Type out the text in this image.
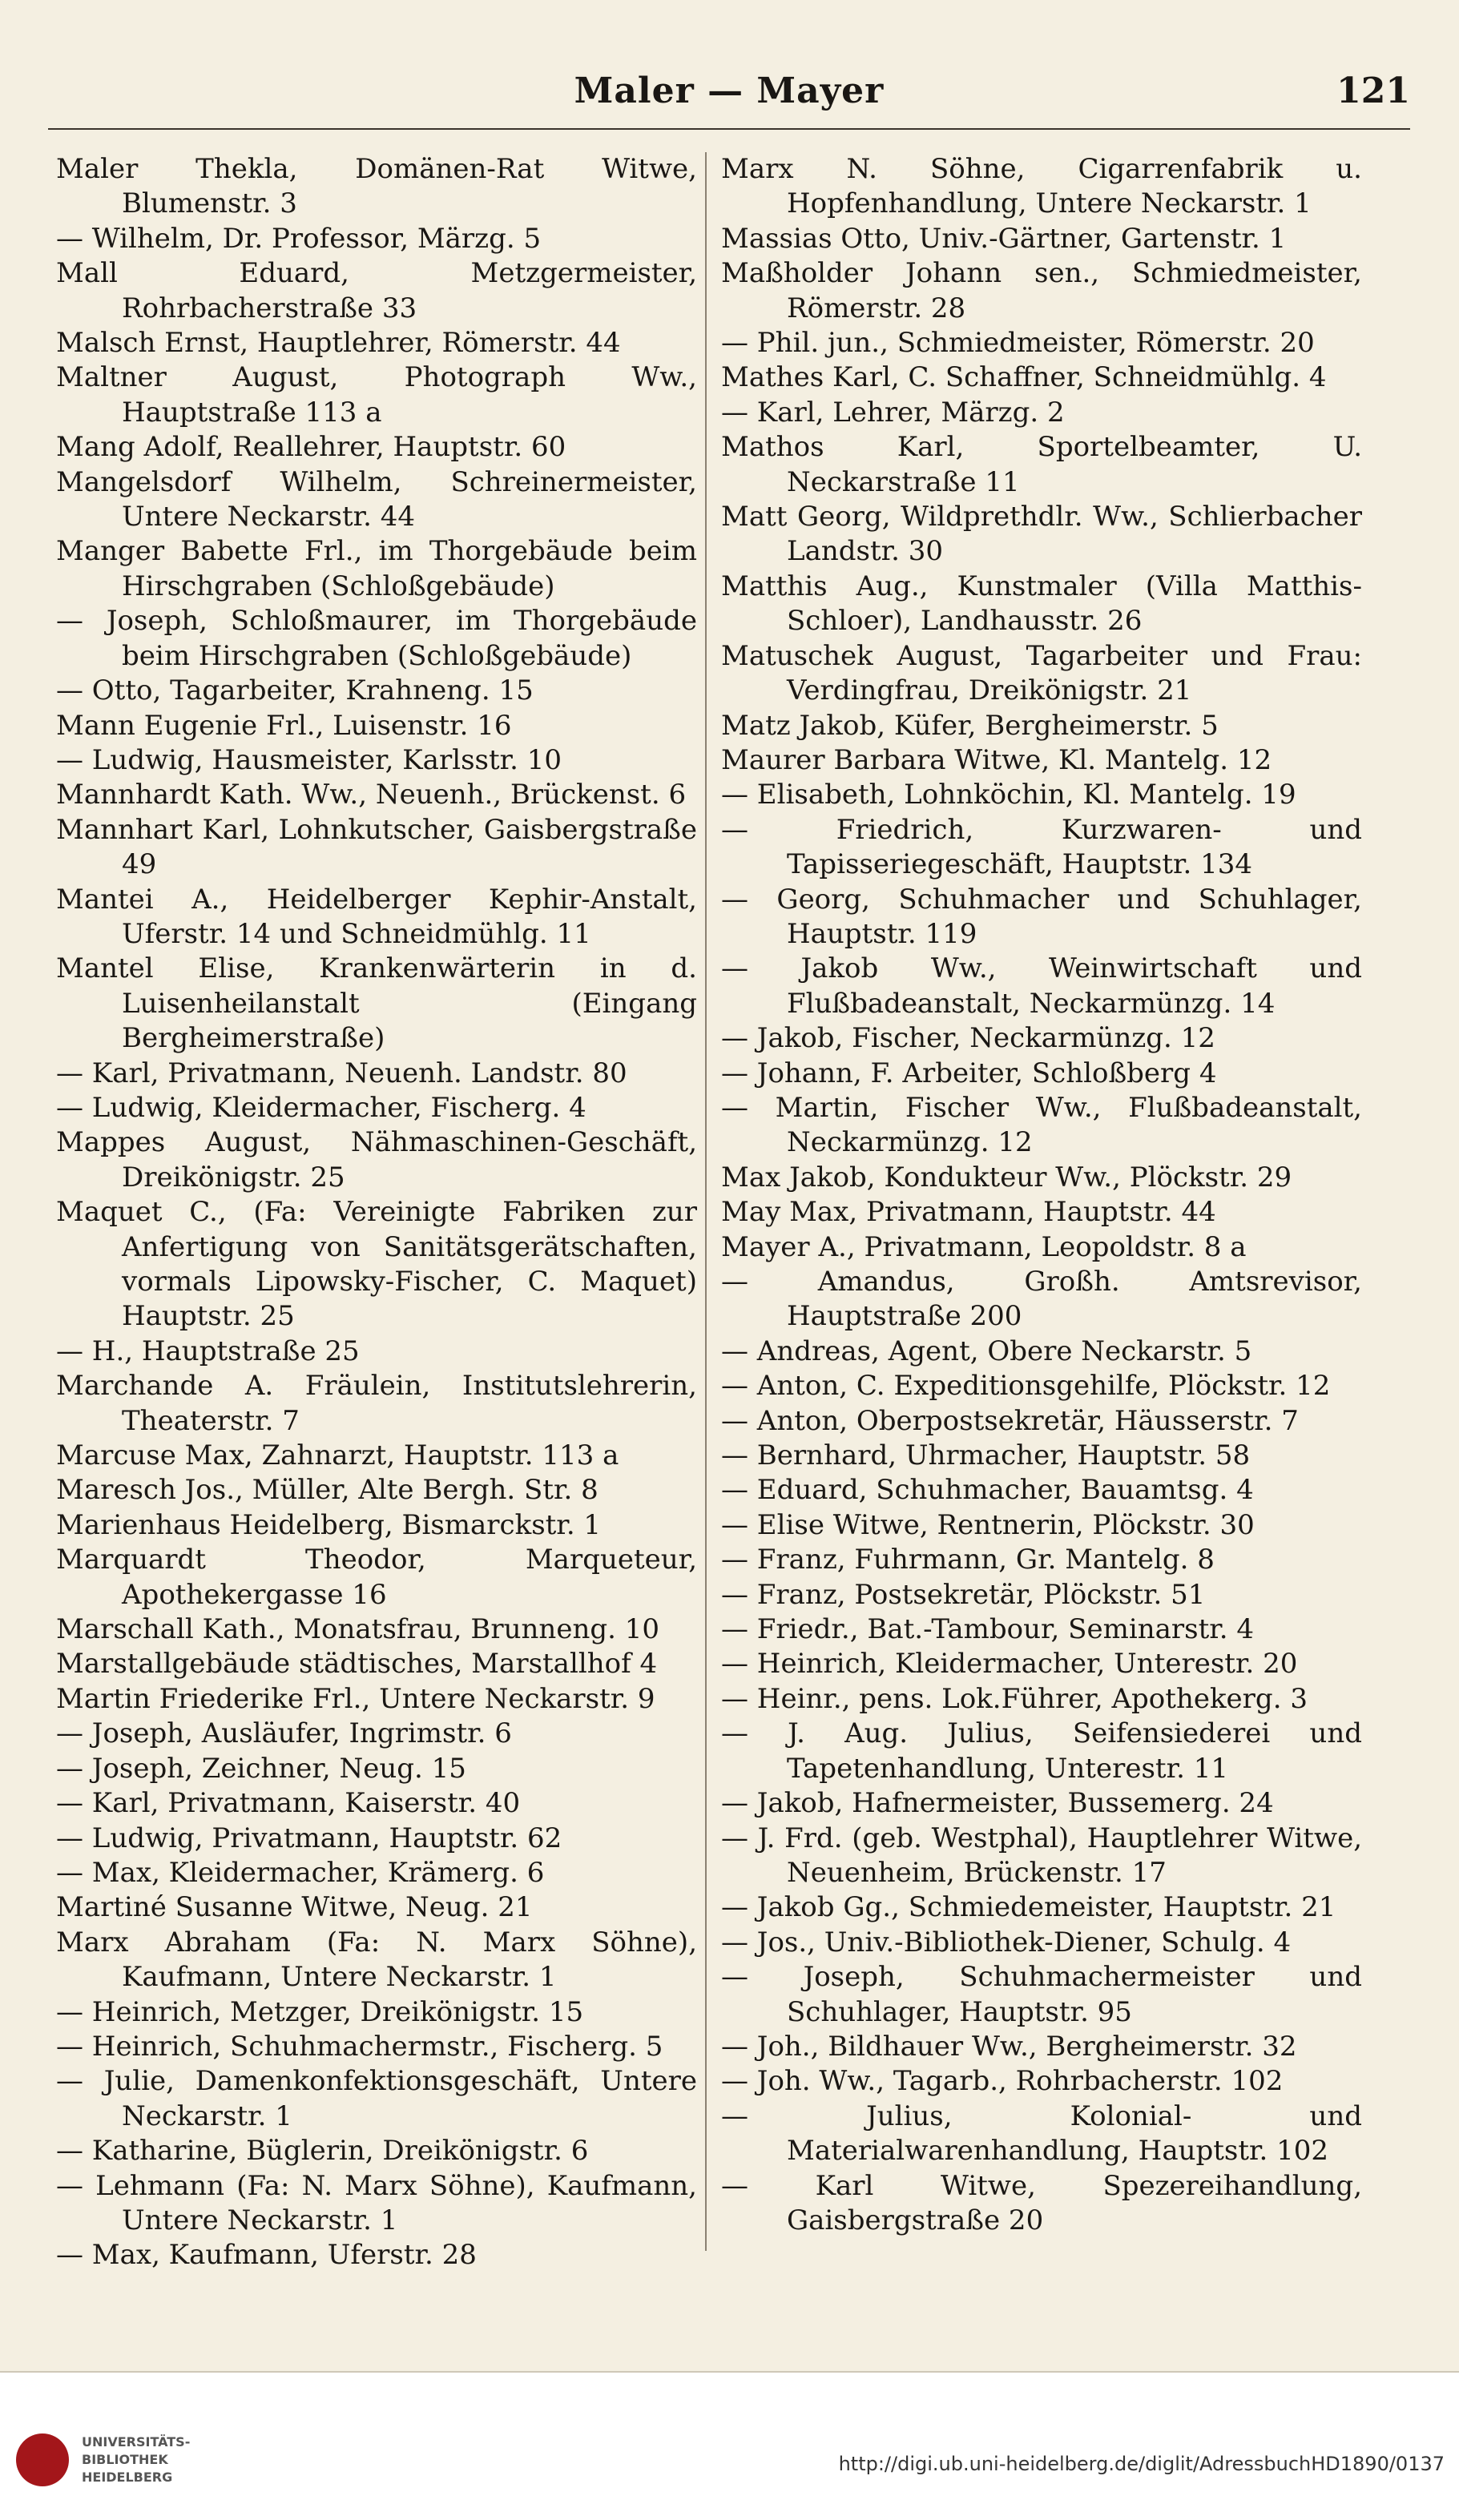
Maler — Mayer	121
Maler Thekla, Domänen-Rat Witwe, Blumenstr. 3
— Wilhelm, Dr. Professor, Märzg. 5
Mall Eduard, Metzgermeister, Rohrbacherstraße 33
Malsch Ernst, Hauptlehrer, Römerstr. 44
Maltner August, Photograph Ww., Hauptstraße 113 a
Mang Adolf, Reallehrer, Hauptstr. 60
Mangelsdorf Wilhelm, Schreinermeister, Untere Neckarstr. 44
Manger Babette Frl., im Thorgebäude beim Hirschgraben (Schloßgebäude)
— Joseph, Schloßmaurer, im Thorgebäude beim Hirschgraben (Schloßgebäude)
— Otto, Tagarbeiter, Krahneng. 15
Mann Eugenie Frl., Luisenstr. 16
— Ludwig, Hausmeister, Karlsstr. 10
Mannhardt Kath. Ww., Neuenh., Brückenst. 6
Mannhart Karl, Lohnkutscher, Gaisbergstraße 49
Mantei A., Heidelberger Kephir-Anstalt, Uferstr. 14 und Schneidmühlg. 11
Mantel Elise, Krankenwärterin in d. Luisenheilanstalt (Eingang Bergheimerstraße)
— Karl, Privatmann, Neuenh. Landstr. 80
— Ludwig, Kleidermacher, Fischerg. 4
Mappes August, Nähmaschinen-Geschäft, Dreikönigstr. 25
Maquet C., (Fa: Vereinigte Fabriken zur Anfertigung von Sanitätsgerätschaften, vormals Lipowsky-Fischer, C. Maquet) Hauptstr. 25
— H., Hauptstraße 25
Marchande A. Fräulein, Institutslehrerin, Theaterstr. 7
Marcuse Max, Zahnarzt, Hauptstr. 113 a
Maresch Jos., Müller, Alte Bergh. Str. 8
Marienhaus Heidelberg, Bismarckstr. 1
Marquardt Theodor, Marqueteur, Apothekergasse 16
Marschall Kath., Monatsfrau, Brunneng. 10
Marstallgebäude städtisches, Marstallhof 4
Martin Friederike Frl., Untere Neckarstr. 9
— Joseph, Ausläufer, Ingrimstr. 6
— Joseph, Zeichner, Neug. 15
— Karl, Privatmann, Kaiserstr. 40
— Ludwig, Privatmann, Hauptstr. 62
— Max, Kleidermacher, Krämerg. 6
Martiné Susanne Witwe, Neug. 21
Marx Abraham (Fa: N. Marx Söhne), Kaufmann, Untere Neckarstr. 1
— Heinrich, Metzger, Dreikönigstr. 15
— Heinrich, Schuhmachermstr., Fischerg. 5
— Julie, Damenkonfektionsgeschäft, Untere Neckarstr. 1
— Katharine, Büglerin, Dreikönigstr. 6
— Lehmann (Fa: N. Marx Söhne), Kaufmann, Untere Neckarstr. 1
— Max, Kaufmann, Uferstr. 28
Marx N. Söhne, Cigarrenfabrik u. Hopfenhandlung, Untere Neckarstr. 1
Massias Otto, Univ.-Gärtner, Gartenstr. 1
Maßholder Johann sen., Schmiedmeister, Römerstr. 28
— Phil. jun., Schmiedmeister, Römerstr. 20
Mathes Karl, C. Schaffner, Schneidmühlg. 4
— Karl, Lehrer, Märzg. 2
Mathos Karl, Sportelbeamter, U. Neckarstraße 11
Matt Georg, Wildprethdlr. Ww., Schlierbacher Landstr. 30
Matthis Aug., Kunstmaler (Villa Matthis-Schloer), Landhausstr. 26
Matuschek August, Tagarbeiter und Frau: Verdingfrau, Dreikönigstr. 21
Matz Jakob, Küfer, Bergheimerstr. 5
Maurer Barbara Witwe, Kl. Mantelg. 12
— Elisabeth, Lohnköchin, Kl. Mantelg. 19
— Friedrich, Kurzwaren- und Tapisseriegeschäft, Hauptstr. 134
— Georg, Schuhmacher und Schuhlager, Hauptstr. 119
— Jakob Ww., Weinwirtschaft und Flußbadeanstalt, Neckarmünzg. 14
— Jakob, Fischer, Neckarmünzg. 12
— Johann, F. Arbeiter, Schloßberg 4
— Martin, Fischer Ww., Flußbadeanstalt, Neckarmünzg. 12
Max Jakob, Kondukteur Ww., Plöckstr. 29
May Max, Privatmann, Hauptstr. 44
Mayer A., Privatmann, Leopoldstr. 8 a
— Amandus, Großh. Amtsrevisor, Hauptstraße 200
— Andreas, Agent, Obere Neckarstr. 5
— Anton, C. Expeditionsgehilfe, Plöckstr. 12
— Anton, Oberpostsekretär, Häusserstr. 7
— Bernhard, Uhrmacher, Hauptstr. 58
— Eduard, Schuhmacher, Bauamtsg. 4
— Elise Witwe, Rentnerin, Plöckstr. 30
— Franz, Fuhrmann, Gr. Mantelg. 8
— Franz, Postsekretär, Plöckstr. 51
— Friedr., Bat.-Tambour, Seminarstr. 4
— Heinrich, Kleidermacher, Unterestr. 20
— Heinr., pens. Lok.Führer, Apothekerg. 3
— J. Aug. Julius, Seifensiederei und Tapetenhandlung, Unterestr. 11
— Jakob, Hafnermeister, Bussemerg. 24
— J. Frd. (geb. Westphal), Hauptlehrer Witwe, Neuenheim, Brückenstr. 17
— Jakob Gg., Schmiedemeister, Hauptstr. 21
— Jos., Univ.-Bibliothek-Diener, Schulg. 4
— Joseph, Schuhmachermeister und Schuhlager, Hauptstr. 95
— Joh., Bildhauer Ww., Bergheimerstr. 32
— Joh. Ww., Tagarb., Rohrbacherstr. 102
— Julius, Kolonial- und Materialwarenhandlung, Hauptstr. 102
— Karl Witwe, Spezereihandlung, Gaisbergstraße 20
UNIVERSITÄTS-
BIBLIOTHEK
HEIDELBERG
http://digi.ub.uni-heidelberg.de/diglit/AdressbuchHD1890/0137
